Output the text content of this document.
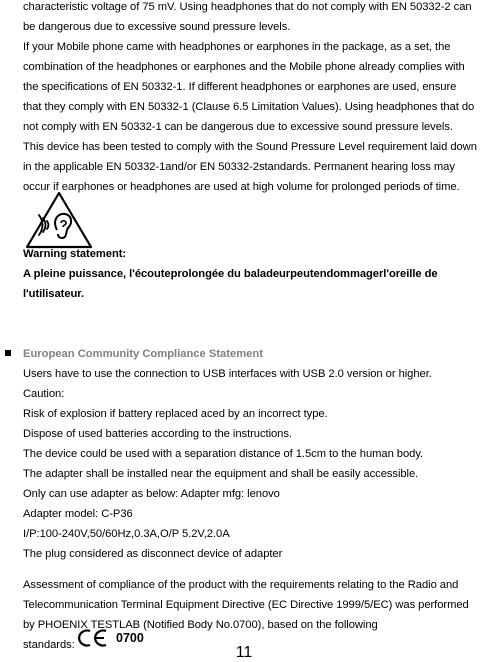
characteristic voltage of 75 mV. Using headphones that do not comply with EN 50332-2 can
be dangerous due to excessive sound pressure levels.
If your Mobile phone came with headphones or earphones in the package, as a set, the
combination of the headphones or earphones and the Mobile phone already complies with
the specifications of EN 50332-1. If different headphones or earphones are used, ensure
that they comply with EN 50332-1 (Clause 6.5 Limitation Values). Using headphones that do
not comply with EN 50332-1 can be dangerous due to excessive sound pressure levels.
This device has been tested to comply with the Sound Pressure Level requirement laid down
in the applicable EN 50332-1and/or EN 50332-2standards. Permanent hearing loss may
occur if earphones or headphones are used at high volume for prolonged periods of time.
Warning statement:
A pleine puissance, l'écouteprolongée du baladeurpeutendommagerl'oreille de
l'utilisateur.
European Community Compliance Statement
Users have to use the connection to USB interfaces with USB 2.0 version or higher.
Caution:
Risk of explosion if battery replaced aced by an incorrect type.
Dispose of used batteries according to the instructions.
The device could be used with a separation distance of 1.5cm to the human body.
The adapter shall be installed near the equipment and shall be easily accessible.
Only can use adapter as below: Adapter mfg: lenovo
Adapter model: C-P36
I/P:100-240V,50/60Hz,0.3A,O/P 5.2V,2.0A
The plug considered as disconnect device of adapter
Assessment of compliance of the product with the requirements relating to the Radio and
Telecommunication Terminal Equipment Directive (EC Directive 1999/5/EC) was performed
by PHOENIX TESTLAB (Notified Body No.0700), based on the following
standards:	0700
11
